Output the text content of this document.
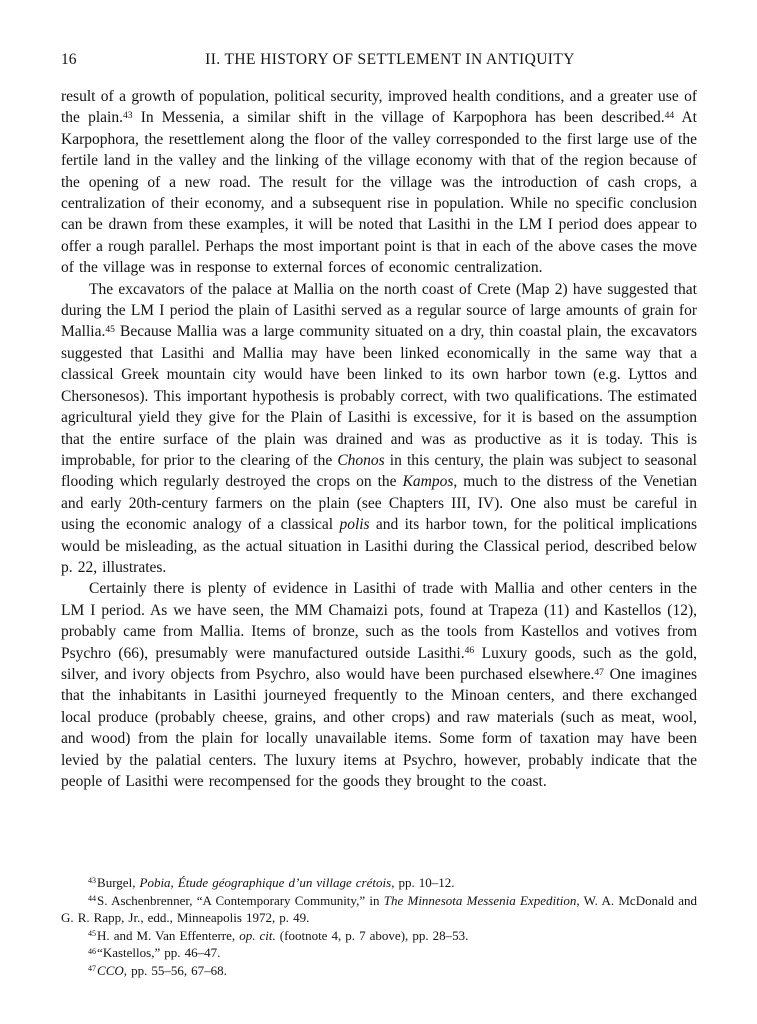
16	II. THE HISTORY OF SETTLEMENT IN ANTIQUITY

result of a growth of population, political security, improved health conditions, and a greater use of the plain.$^{43}$ In Messenia, a similar shift in the village of Karpophora has been described.$^{44}$ At Karpophora, the resettlement along the floor of the valley corresponded to the first large use of the fertile land in the valley and the linking of the village economy with that of the region because of the opening of a new road. The result for the village was the introduction of cash crops, a centralization of their economy, and a subsequent rise in population. While no specific conclusion can be drawn from these examples, it will be noted that Lasithi in the LM I period does appear to offer a rough parallel. Perhaps the most important point is that in each of the above cases the move of the village was in response to external forces of economic centralization.

The excavators of the palace at Mallia on the north coast of Crete (Map 2) have suggested that during the LM I period the plain of Lasithi served as a regular source of large amounts of grain for Mallia.$^{45}$ Because Mallia was a large community situated on a dry, thin coastal plain, the excavators suggested that Lasithi and Mallia may have been linked economically in the same way that a classical Greek mountain city would have been linked to its own harbor town (e.g. Lyttos and Chersonesos). This important hypothesis is probably correct, with two qualifications. The estimated agricultural yield they give for the Plain of Lasithi is excessive, for it is based on the assumption that the entire surface of the plain was drained and was as productive as it is today. This is improbable, for prior to the clearing of the Chonos in this century, the plain was subject to seasonal flooding which regularly destroyed the crops on the Kampos, much to the distress of the Venetian and early 20th-century farmers on the plain (see Chapters III, IV). One also must be careful in using the economic analogy of a classical polis and its harbor town, for the political implications would be misleading, as the actual situation in Lasithi during the Classical period, described below p. 22, illustrates.

Certainly there is plenty of evidence in Lasithi of trade with Mallia and other centers in the LM I period. As we have seen, the MM Chamaizi pots, found at Trapeza (11) and Kastellos (12), probably came from Mallia. Items of bronze, such as the tools from Kastellos and votives from Psychro (66), presumably were manufactured outside Lasithi.$^{46}$ Luxury goods, such as the gold, silver, and ivory objects from Psychro, also would have been purchased elsewhere.$^{47}$ One imagines that the inhabitants in Lasithi journeyed frequently to the Minoan centers, and there exchanged local produce (probably cheese, grains, and other crops) and raw materials (such as meat, wool, and wood) from the plain for locally unavailable items. Some form of taxation may have been levied by the palatial centers. The luxury items at Psychro, however, probably indicate that the people of Lasithi were recompensed for the goods they brought to the coast.

$^{43}$Burgel, Pobia, Étude géographique d’un village crétois, pp. 10–12.

$^{44}$S. Aschenbrenner, “A Contemporary Community,” in The Minnesota Messenia Expedition, W. A. McDonald and G. R. Rapp, Jr., edd., Minneapolis 1972, p. 49.

$^{45}$H. and M. Van Effenterre, op. cit. (footnote 4, p. 7 above), pp. 28–53.

$^{46}$“Kastellos,” pp. 46–47.

$^{47}$CCO, pp. 55–56, 67–68.
